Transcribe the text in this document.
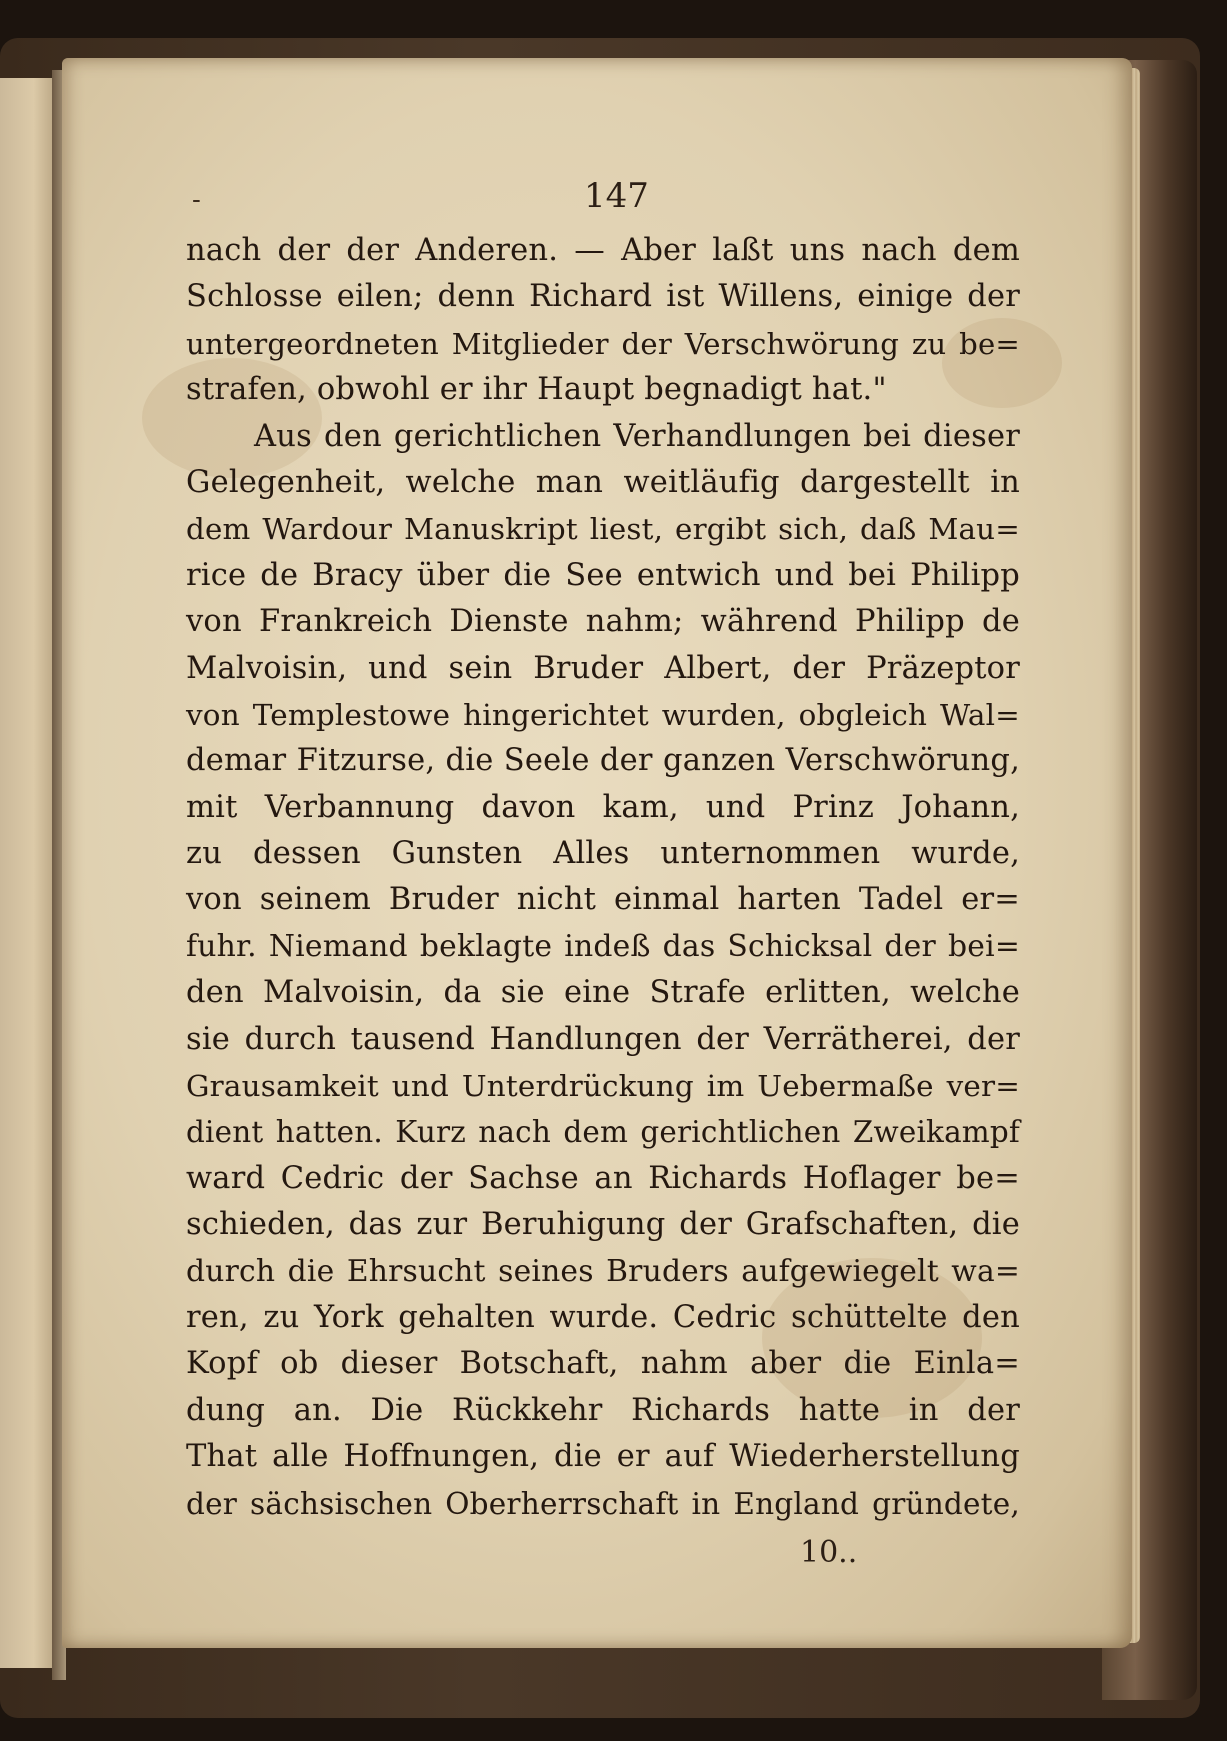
-	147
nach der der Anderen. — Aber laßt uns nach dem
Schlosse eilen; denn Richard ist Willens, einige der
untergeordneten Mitglieder der Verschwörung zu be=
strafen, obwohl er ihr Haupt begnadigt hat."
Aus den gerichtlichen Verhandlungen bei dieser
Gelegenheit, welche man weitläufig dargestellt in
dem Wardour Manuskript liest, ergibt sich, daß Mau=
rice de Bracy über die See entwich und bei Philipp
von Frankreich Dienste nahm; während Philipp de
Malvoisin, und sein Bruder Albert, der Präzeptor
von Templestowe hingerichtet wurden, obgleich Wal=
demar Fitzurse, die Seele der ganzen Verschwörung,
mit Verbannung davon kam, und Prinz Johann,
zu dessen Gunsten Alles unternommen wurde,
von seinem Bruder nicht einmal harten Tadel er=
fuhr. Niemand beklagte indeß das Schicksal der bei=
den Malvoisin, da sie eine Strafe erlitten, welche
sie durch tausend Handlungen der Verrätherei, der
Grausamkeit und Unterdrückung im Uebermaße ver=
dient hatten. Kurz nach dem gerichtlichen Zweikampf
ward Cedric der Sachse an Richards Hoflager be=
schieden, das zur Beruhigung der Grafschaften, die
durch die Ehrsucht seines Bruders aufgewiegelt wa=
ren, zu York gehalten wurde. Cedric schüttelte den
Kopf ob dieser Botschaft, nahm aber die Einla=
dung an. Die Rückkehr Richards hatte in der
That alle Hoffnungen, die er auf Wiederherstellung
der sächsischen Oberherrschaft in England gründete,
10..
